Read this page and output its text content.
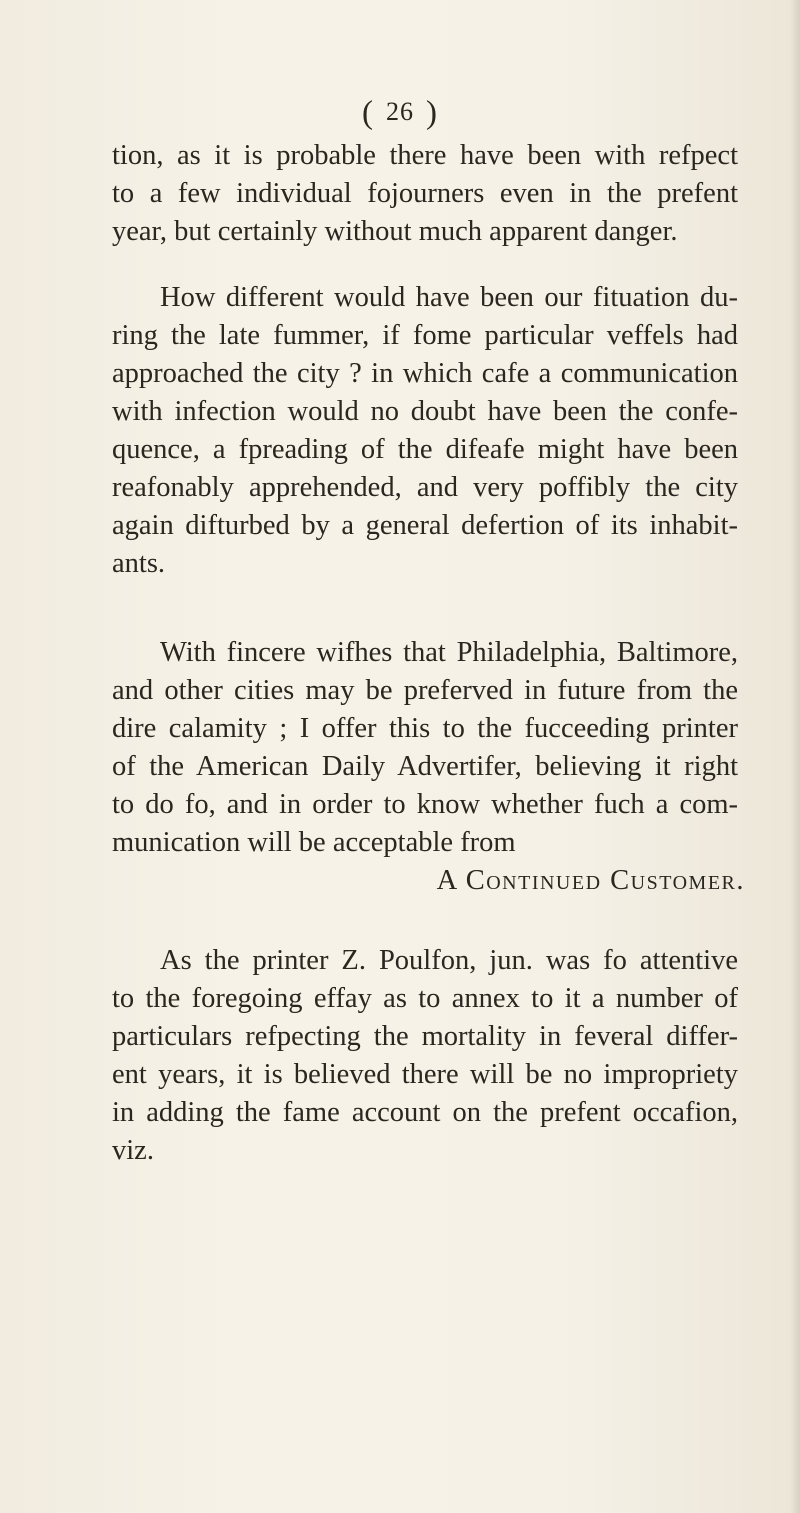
( 26 )
tion, as it is probable there have been with refpect
to a few individual fojourners even in the prefent
year, but certainly without much apparent danger.
How different would have been our fituation du-
ring the late fummer, if fome particular veffels had
approached the city ? in which cafe a communication
with infection would no doubt have been the confe-
quence, a fpreading of the difeafe might have been
reafonably apprehended, and very poffibly the city
again difturbed by a general defertion of its inhabit-
ants.
With fincere wifhes that Philadelphia, Baltimore,
and other cities may be preferved in future from the
dire calamity ; I offer this to the fucceeding printer
of the American Daily Advertifer, believing it right
to do fo, and in order to know whether fuch a com-
munication will be acceptable from
A Continued Customer.
As the printer Z. Poulfon, jun. was fo attentive
to the foregoing effay as to annex to it a number of
particulars refpecting the mortality in feveral differ-
ent years, it is believed there will be no impropriety
in adding the fame account on the prefent occafion,
viz.
